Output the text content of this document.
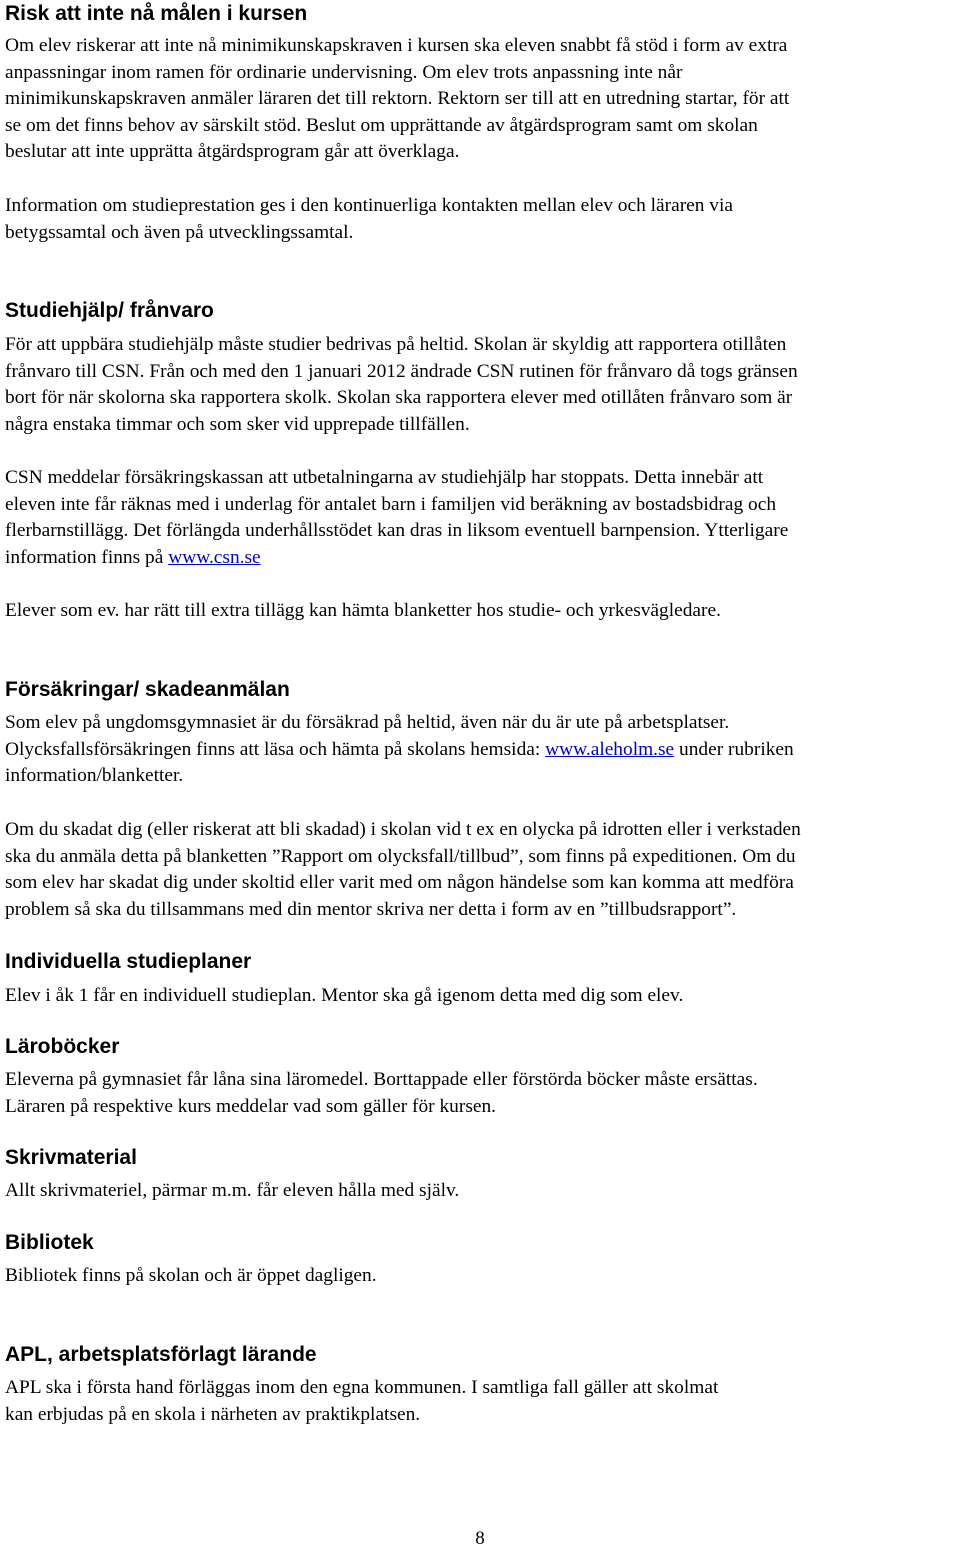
Risk att inte nå målen i kursen
Om elev riskerar att inte nå minimikunskapskraven i kursen ska eleven snabbt få stöd i form av extra
anpassningar inom ramen för ordinarie undervisning. Om elev trots anpassning inte når
minimikunskapskraven anmäler läraren det till rektorn. Rektorn ser till att en utredning startar, för att
se om det finns behov av särskilt stöd. Beslut om upprättande av åtgärdsprogram samt om skolan
beslutar att inte upprätta åtgärdsprogram går att överklaga.
Information om studieprestation ges i den kontinuerliga kontakten mellan elev och läraren via
betygssamtal och även på utvecklingssamtal.
Studiehjälp/ frånvaro
För att uppbära studiehjälp måste studier bedrivas på heltid. Skolan är skyldig att rapportera otillåten
frånvaro till CSN. Från och med den 1 januari 2012 ändrade CSN rutinen för frånvaro då togs gränsen
bort för när skolorna ska rapportera skolk. Skolan ska rapportera elever med otillåten frånvaro som är
några enstaka timmar och som sker vid upprepade tillfällen.
CSN meddelar försäkringskassan att utbetalningarna av studiehjälp har stoppats. Detta innebär att
eleven inte får räknas med i underlag för antalet barn i familjen vid beräkning av bostadsbidrag och
flerbarnstillägg. Det förlängda underhållsstödet kan dras in liksom eventuell barnpension. Ytterligare
information finns på www.csn.se
Elever som ev. har rätt till extra tillägg kan hämta blanketter hos studie- och yrkesvägledare.
Försäkringar/ skadeanmälan
Som elev på ungdomsgymnasiet är du försäkrad på heltid, även när du är ute på arbetsplatser.
Olycksfallsförsäkringen finns att läsa och hämta på skolans hemsida: www.aleholm.se under rubriken
information/blanketter.
Om du skadat dig (eller riskerat att bli skadad) i skolan vid t ex en olycka på idrotten eller i verkstaden
ska du anmäla detta på blanketten ”Rapport om olycksfall/tillbud”, som finns på expeditionen. Om du
som elev har skadat dig under skoltid eller varit med om någon händelse som kan komma att medföra
problem så ska du tillsammans med din mentor skriva ner detta i form av en ”tillbudsrapport”.
Individuella studieplaner
Elev i åk 1 får en individuell studieplan. Mentor ska gå igenom detta med dig som elev.
Läroböcker
Eleverna på gymnasiet får låna sina läromedel. Borttappade eller förstörda böcker måste ersättas.
Läraren på respektive kurs meddelar vad som gäller för kursen.
Skrivmaterial
Allt skrivmateriel, pärmar m.m. får eleven hålla med själv.
Bibliotek
Bibliotek finns på skolan och är öppet dagligen.
APL, arbetsplatsförlagt lärande
APL ska i första hand förläggas inom den egna kommunen. I samtliga fall gäller att skolmat
kan erbjudas på en skola i närheten av praktikplatsen.
8
